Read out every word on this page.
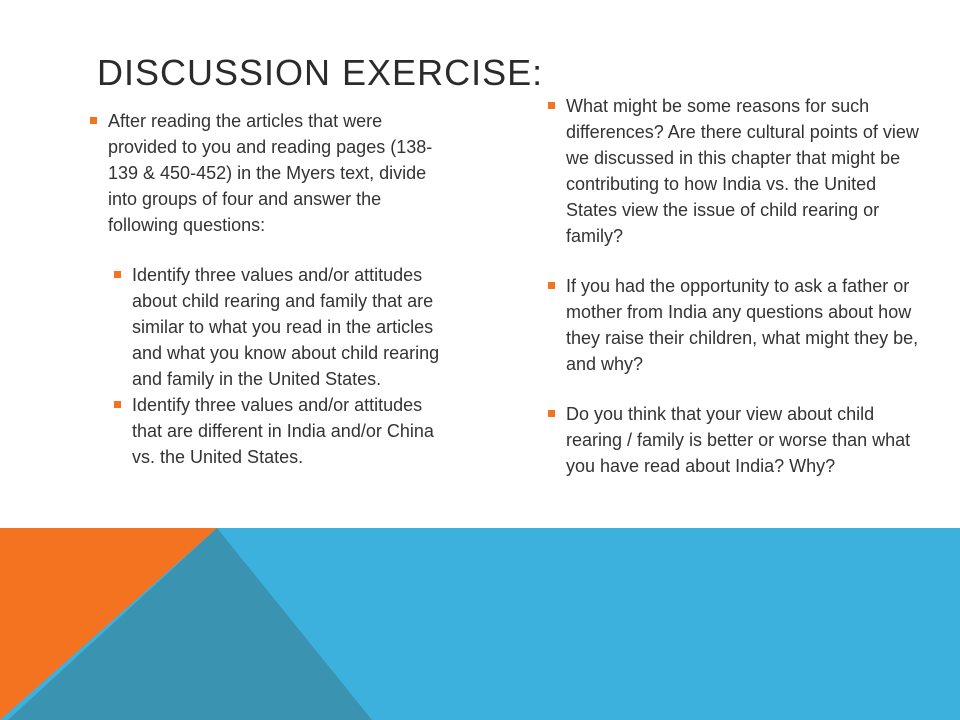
DISCUSSION EXERCISE:
After reading the articles that were provided to you and reading pages (138-139 & 450-452) in the Myers text, divide into groups of four and answer the following questions:
Identify three values and/or attitudes about child rearing and family that are similar to what you read in the articles and what you know about child rearing and family in the United States.
Identify three values and/or attitudes that are different in India and/or China vs. the United States.
What might be some reasons for such differences? Are there cultural points of view we discussed in this chapter that might be contributing to how India vs. the United States view the issue of child rearing or family?
If you had the opportunity to ask a father or mother from India any questions about how they raise their children, what might they be, and why?
Do you think that your view about child rearing / family is better or worse than what you have read about India? Why?
